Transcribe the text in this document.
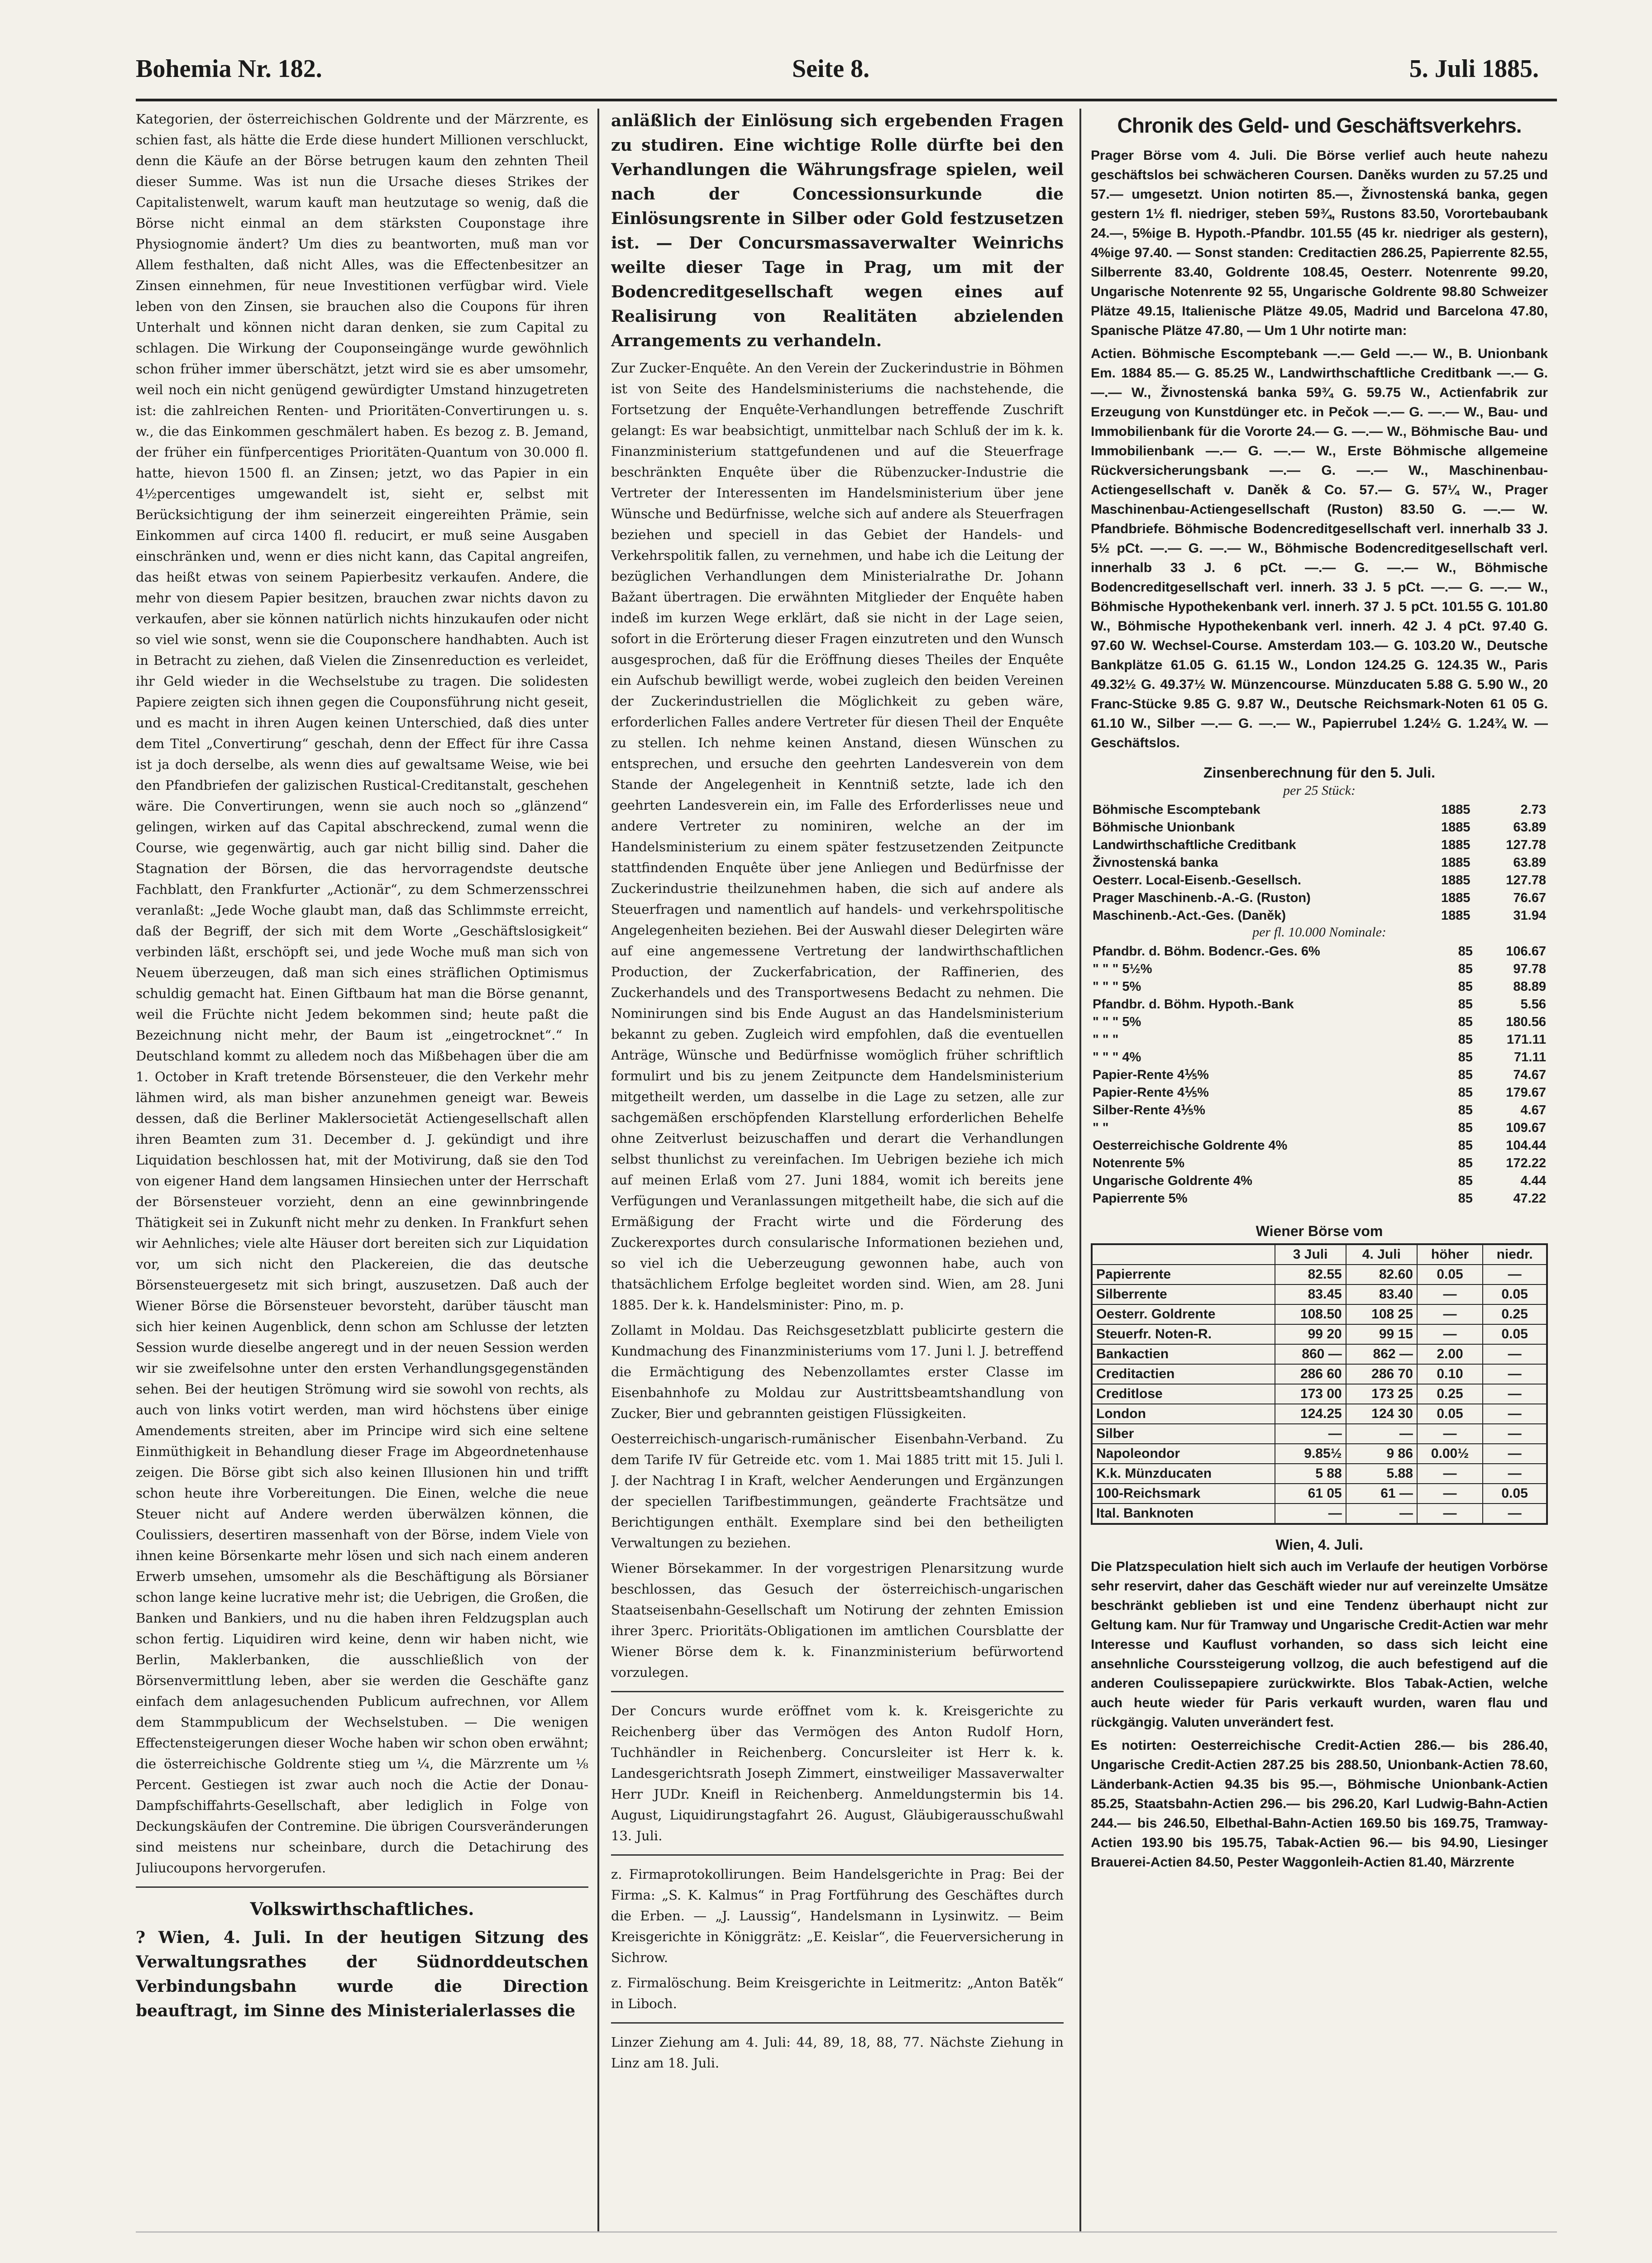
Bohemia Nr. 182.	Seite 8.	5. Juli 1885.

Kategorien, der österreichischen Goldrente und der Märzrente, es schien fast, als hätte die Erde diese hundert Millionen verschluckt, denn die Käufe an der Börse betrugen kaum den zehnten Theil dieser Summe. Was ist nun die Ursache dieses Strikes der Capitalistenwelt, warum kauft man heutzutage so wenig, daß die Börse nicht einmal an dem stärksten Couponstage ihre Physiognomie ändert? Um dies zu beantworten, muß man vor Allem festhalten, daß nicht Alles, was die Effectenbesitzer an Zinsen einnehmen, für neue Investitionen verfügbar wird. Viele leben von den Zinsen, sie brauchen also die Coupons für ihren Unterhalt und können nicht daran denken, sie zum Capital zu schlagen. Die Wirkung der Couponseingänge wurde gewöhnlich schon früher immer überschätzt, jetzt wird sie es aber umsomehr, weil noch ein nicht genügend gewürdigter Umstand hinzugetreten ist: die zahlreichen Renten- und Prioritäten-Convertirungen u. s. w., die das Einkommen geschmälert haben. Es bezog z. B. Jemand, der früher ein fünfpercentiges Prioritäten-Quantum von 30.000 fl. hatte, hievon 1500 fl. an Zinsen; jetzt, wo das Papier in ein 4½percentiges umgewandelt ist, sieht er, selbst mit Berücksichtigung der ihm seinerzeit eingereihten Prämie, sein Einkommen auf circa 1400 fl. reducirt, er muß seine Ausgaben einschränken und, wenn er dies nicht kann, das Capital angreifen, das heißt etwas von seinem Papierbesitz verkaufen. Andere, die mehr von diesem Papier besitzen, brauchen zwar nichts davon zu verkaufen, aber sie können natürlich nichts hinzukaufen oder nicht so viel wie sonst, wenn sie die Couponschere handhabten. Auch ist in Betracht zu ziehen, daß Vielen die Zinsenreduction es verleidet, ihr Geld wieder in die Wechselstube zu tragen. Die solidesten Papiere zeigten sich ihnen gegen die Couponsführung nicht geseit, und es macht in ihren Augen keinen Unterschied, daß dies unter dem Titel „Convertirung“ geschah, denn der Effect für ihre Cassa ist ja doch derselbe, als wenn dies auf gewaltsame Weise, wie bei den Pfandbriefen der galizischen Rustical-Creditanstalt, geschehen wäre. Die Convertirungen, wenn sie auch noch so „glänzend“ gelingen, wirken auf das Capital abschreckend, zumal wenn die Course, wie gegenwärtig, auch gar nicht billig sind. Daher die Stagnation der Börsen, die das hervorragendste deutsche Fachblatt, den Frankfurter „Actionär“, zu dem Schmerzensschrei veranlaßt: „Jede Woche glaubt man, daß das Schlimmste erreicht, daß der Begriff, der sich mit dem Worte „Geschäftslosigkeit“ verbinden läßt, erschöpft sei, und jede Woche muß man sich von Neuem überzeugen, daß man sich eines sträflichen Optimismus schuldig gemacht hat. Einen Giftbaum hat man die Börse genannt, weil die Früchte nicht Jedem bekommen sind; heute paßt die Bezeichnung nicht mehr, der Baum ist „eingetrocknet“.“ In Deutschland kommt zu alledem noch das Mißbehagen über die am 1. October in Kraft tretende Börsensteuer, die den Verkehr mehr lähmen wird, als man bisher anzunehmen geneigt war. Beweis dessen, daß die Berliner Maklersocietät Actiengesellschaft allen ihren Beamten zum 31. December d. J. gekündigt und ihre Liquidation beschlossen hat, mit der Motivirung, daß sie den Tod von eigener Hand dem langsamen Hinsiechen unter der Herrschaft der Börsensteuer vorzieht, denn an eine gewinnbringende Thätigkeit sei in Zukunft nicht mehr zu denken. In Frankfurt sehen wir Aehnliches; viele alte Häuser dort bereiten sich zur Liquidation vor, um sich nicht den Plackereien, die das deutsche Börsensteuergesetz mit sich bringt, auszusetzen. Daß auch der Wiener Börse die Börsensteuer bevorsteht, darüber täuscht man sich hier keinen Augenblick, denn schon am Schlusse der letzten Session wurde dieselbe angeregt und in der neuen Session werden wir sie zweifelsohne unter den ersten Verhandlungsgegenständen sehen. Bei der heutigen Strömung wird sie sowohl von rechts, als auch von links votirt werden, man wird höchstens über einige Amendements streiten, aber im Principe wird sich eine seltene Einmüthigkeit in Behandlung dieser Frage im Abgeordnetenhause zeigen. Die Börse gibt sich also keinen Illusionen hin und trifft schon heute ihre Vorbereitungen. Die Einen, welche die neue Steuer nicht auf Andere werden überwälzen können, die Coulissiers, desertiren massenhaft von der Börse, indem Viele von ihnen keine Börsenkarte mehr lösen und sich nach einem anderen Erwerb umsehen, umsomehr als die Beschäftigung als Börsianer schon lange keine lucrative mehr ist; die Uebrigen, die Großen, die Banken und Bankiers, und nu die haben ihren Feldzugsplan auch schon fertig. Liquidiren wird keine, denn wir haben nicht, wie Berlin, Maklerbanken, die ausschließlich von der Börsenvermittlung leben, aber sie werden die Geschäfte ganz einfach dem anlagesuchenden Publicum aufrechnen, vor Allem dem Stammpublicum der Wechselstuben. — Die wenigen Effectensteigerungen dieser Woche haben wir schon oben erwähnt; die österreichische Goldrente stieg um ¼, die Märzrente um ⅛ Percent. Gestiegen ist zwar auch noch die Actie der Donau-Dampfschiffahrts-Gesellschaft, aber lediglich in Folge von Deckungskäufen der Contremine. Die übrigen Coursveränderungen sind meistens nur scheinbare, durch die Detachirung des Juliucoupons hervorgerufen.

Volkswirthschaftliches.

? Wien, 4. Juli. In der heutigen Sitzung des Verwaltungsrathes der Südnorddeutschen Verbindungsbahn wurde die Direction beauftragt, im Sinne des Ministerialerlasses die

anläßlich der Einlösung sich ergebenden Fragen zu studiren. Eine wichtige Rolle dürfte bei den Verhandlungen die Währungsfrage spielen, weil nach der Concessionsurkunde die Einlösungsrente in Silber oder Gold festzusetzen ist. — Der Concursmassaverwalter Weinrichs weilte dieser Tage in Prag, um mit der Bodencreditgesellschaft wegen eines auf Realisirung von Realitäten abzielenden Arrangements zu verhandeln.

Zur Zucker-Enquête. An den Verein der Zuckerindustrie in Böhmen ist von Seite des Handelsministeriums die nachstehende, die Fortsetzung der Enquête-Verhandlungen betreffende Zuschrift gelangt: Es war beabsichtigt, unmittelbar nach Schluß der im k. k. Finanzministerium stattgefundenen und auf die Steuerfrage beschränkten Enquête über die Rübenzucker-Industrie die Vertreter der Interessenten im Handelsministerium über jene Wünsche und Bedürfnisse, welche sich auf andere als Steuerfragen beziehen und speciell in das Gebiet der Handels- und Verkehrspolitik fallen, zu vernehmen, und habe ich die Leitung der bezüglichen Verhandlungen dem Ministerialrathe Dr. Johann Bažant übertragen. Die erwähnten Mitglieder der Enquête haben indeß im kurzen Wege erklärt, daß sie nicht in der Lage seien, sofort in die Erörterung dieser Fragen einzutreten und den Wunsch ausgesprochen, daß für die Eröffnung dieses Theiles der Enquête ein Aufschub bewilligt werde, wobei zugleich den beiden Vereinen der Zuckerindustriellen die Möglichkeit zu geben wäre, erforderlichen Falles andere Vertreter für diesen Theil der Enquête zu stellen. Ich nehme keinen Anstand, diesen Wünschen zu entsprechen, und ersuche den geehrten Landesverein von dem Stande der Angelegenheit in Kenntniß setzte, lade ich den geehrten Landesverein ein, im Falle des Erforderlisses neue und andere Vertreter zu nominiren, welche an der im Handelsministerium zu einem später festzusetzenden Zeitpuncte stattfindenden Enquête über jene Anliegen und Bedürfnisse der Zuckerindustrie theilzunehmen haben, die sich auf andere als Steuerfragen und namentlich auf handels- und verkehrspolitische Angelegenheiten beziehen. Bei der Auswahl dieser Delegirten wäre auf eine angemessene Vertretung der landwirthschaftlichen Production, der Zuckerfabrication, der Raffinerien, des Zuckerhandels und des Transportwesens Bedacht zu nehmen. Die Nominirungen sind bis Ende August an das Handelsministerium bekannt zu geben. Zugleich wird empfohlen, daß die eventuellen Anträge, Wünsche und Bedürfnisse womöglich früher schriftlich formulirt und bis zu jenem Zeitpuncte dem Handelsministerium mitgetheilt werden, um dasselbe in die Lage zu setzen, alle zur sachgemäßen erschöpfenden Klarstellung erforderlichen Behelfe ohne Zeitverlust beizuschaffen und derart die Verhandlungen selbst thunlichst zu vereinfachen. Im Uebrigen beziehe ich mich auf meinen Erlaß vom 27. Juni 1884, womit ich bereits jene Verfügungen und Veranlassungen mitgetheilt habe, die sich auf die Ermäßigung der Fracht wirte und die Förderung des Zuckerexportes durch consularische Informationen beziehen und, so viel ich die Ueberzeugung gewonnen habe, auch von thatsächlichem Erfolge begleitet worden sind. Wien, am 28. Juni 1885. Der k. k. Handelsminister: Pino, m. p.

Zollamt in Moldau. Das Reichsgesetzblatt publicirte gestern die Kundmachung des Finanzministeriums vom 17. Juni l. J. betreffend die Ermächtigung des Nebenzollamtes erster Classe im Eisenbahnhofe zu Moldau zur Austrittsbeamtshandlung von Zucker, Bier und gebrannten geistigen Flüssigkeiten.

Oesterreichisch-ungarisch-rumänischer Eisenbahn-Verband. Zu dem Tarife IV für Getreide etc. vom 1. Mai 1885 tritt mit 15. Juli l. J. der Nachtrag I in Kraft, welcher Aenderungen und Ergänzungen der speciellen Tarifbestimmungen, geänderte Frachtsätze und Berichtigungen enthält. Exemplare sind bei den betheiligten Verwaltungen zu beziehen.

Wiener Börsekammer. In der vorgestrigen Plenarsitzung wurde beschlossen, das Gesuch der österreichisch-ungarischen Staatseisenbahn-Gesellschaft um Notirung der zehnten Emission ihrer 3perc. Prioritäts-Obligationen im amtlichen Coursblatte der Wiener Börse dem k. k. Finanzministerium befürwortend vorzulegen.

Der Concurs wurde eröffnet vom k. k. Kreisgerichte zu Reichenberg über das Vermögen des Anton Rudolf Horn, Tuchhändler in Reichenberg. Concursleiter ist Herr k. k. Landesgerichtsrath Joseph Zimmert, einstweiliger Massaverwalter Herr JUDr. Kneifl in Reichenberg. Anmeldungstermin bis 14. August, Liquidirungstagfahrt 26. August, Gläubigerausschußwahl 13. Juli.

z. Firmaprotokollirungen. Beim Handelsgerichte in Prag: Bei der Firma: „S. K. Kalmus“ in Prag Fortführung des Geschäftes durch die Erben. — „J. Laussig“, Handelsmann in Lysinwitz. — Beim Kreisgerichte in Königgrätz: „E. Keislar“, die Feuerversicherung in Sichrow.

z. Firmalöschung. Beim Kreisgerichte in Leitmeritz: „Anton Batěk“ in Liboch.

Linzer Ziehung am 4. Juli: 44, 89, 18, 88, 77. Nächste Ziehung in Linz am 18. Juli.

Chronik des Geld- und Geschäftsverkehrs.

Prager Börse vom 4. Juli. Die Börse verlief auch heute nahezu geschäftslos bei schwächeren Coursen. Daněks wurden zu 57.25 und 57.— umgesetzt. Union notirten 85.—, Živnostenská banka, gegen gestern 1½ fl. niedriger, steben 59¾, Rustons 83.50, Vorortebaubank 24.—, 5%ige B. Hypoth.-Pfandbr. 101.55 (45 kr. niedriger als gestern), 4%ige 97.40. — Sonst standen: Creditactien 286.25, Papierrente 82.55, Silberrente 83.40, Goldrente 108.45, Oesterr. Notenrente 99.20, Ungarische Notenrente 92 55, Ungarische Goldrente 98.80 Schweizer Plätze 49.15, Italienische Plätze 49.05, Madrid und Barcelona 47.80, Spanische Plätze 47.80, — Um 1 Uhr notirte man:

Actien. Böhmische Escomptebank —.— Geld —.— W., B. Unionbank Em. 1884 85.— G. 85.25 W., Landwirthschaftliche Creditbank —.— G. —.— W., Živnostenská banka 59¾ G. 59.75 W., Actienfabrik zur Erzeugung von Kunstdünger etc. in Pečok —.— G. —.— W., Bau- und Immobilienbank für die Vororte 24.— G. —.— W., Böhmische Bau- und Immobilienbank —.— G. —.— W., Erste Böhmische allgemeine Rückversicherungsbank —.— G. —.— W., Maschinenbau-Actiengesellschaft v. Daněk & Co. 57.— G. 57¼ W., Prager Maschinenbau-Actiengesellschaft (Ruston) 83.50 G. —.— W. Pfandbriefe. Böhmische Bodencreditgesellschaft verl. innerhalb 33 J. 5½ pCt. —.— G. —.— W., Böhmische Bodencreditgesellschaft verl. innerhalb 33 J. 6 pCt. —.— G. —.— W., Böhmische Bodencreditgesellschaft verl. innerh. 33 J. 5 pCt. —.— G. —.— W., Böhmische Hypothekenbank verl. innerh. 37 J. 5 pCt. 101.55 G. 101.80 W., Böhmische Hypothekenbank verl. innerh. 42 J. 4 pCt. 97.40 G. 97.60 W. Wechsel-Course. Amsterdam 103.— G. 103.20 W., Deutsche Bankplätze 61.05 G. 61.15 W., London 124.25 G. 124.35 W., Paris 49.32½ G. 49.37½ W. Münzencourse. Münzducaten 5.88 G. 5.90 W., 20 Franc-Stücke 9.85 G. 9.87 W., Deutsche Reichsmark-Noten 61 05 G. 61.10 W., Silber —.— G. —.— W., Papierrubel 1.24½ G. 1.24¾ W. — Geschäftslos.

Zinsenberechnung für den 5. Juli.
per 25 Stück:
Böhmische Escomptebank	1885	2.73
Böhmische Unionbank	1885	63.89
Landwirthschaftliche Creditbank	1885	127.78
Živnostenská banka	1885	63.89
Oesterr. Local-Eisenb.-Gesellsch.	1885	127.78
Prager Maschinenb.-A.-G. (Ruston)	1885	76.67
Maschinenb.-Act.-Ges. (Daněk)	1885	31.94
per fl. 10.000 Nominale:
Pfandbr. d. Böhm. Bodencr.-Ges. 6%	85	106.67
" " " 5½%	85	97.78
" " " 5%	85	88.89
Pfandbr. d. Böhm. Hypoth.-Bank	85	5.56
" " " 5%	85	180.56
" " "	85	171.11
" " " 4%	85	71.11
Papier-Rente 4⅕%	85	74.67
Papier-Rente 4⅕%	85	179.67
Silber-Rente 4⅕%	85	4.67
" "	85	109.67
Oesterreichische Goldrente 4%	85	104.44
Notenrente 5%	85	172.22
Ungarische Goldrente 4%	85	4.44
Papierrente 5%	85	47.22
Wiener Börse vom
	3 Juli	4. Juli	höher	niedr.
Papierrente	82.55	82.60	0.05	—
Silberrente	83.45	83.40	—	0.05
Oesterr. Goldrente	108.50	108 25	—	0.25
Steuerfr. Noten-R.	99 20	99 15	—	0.05
Bankactien	860 —	862 —	2.00	—
Creditactien	286 60	286 70	0.10	—
Creditlose	173 00	173 25	0.25	—
London	124.25	124 30	0.05	—
Silber	—	—	—	—
Napoleondor	9.85½	9 86	0.00½	—
K.k. Münzducaten	5 88	5.88	—	—
100-Reichsmark	61 05	61 —	—	0.05
Ital. Banknoten	—	—	—	—
Wien, 4. Juli.

Die Platzspeculation hielt sich auch im Verlaufe der heutigen Vorbörse sehr reservirt, daher das Geschäft wieder nur auf vereinzelte Umsätze beschränkt geblieben ist und eine Tendenz überhaupt nicht zur Geltung kam. Nur für Tramway und Ungarische Credit-Actien war mehr Interesse und Kauflust vorhanden, so dass sich leicht eine ansehnliche Courssteigerung vollzog, die auch befestigend auf die anderen Coulissepapiere zurückwirkte. Blos Tabak-Actien, welche auch heute wieder für Paris verkauft wurden, waren flau und rückgängig. Valuten unverändert fest.

Es notirten: Oesterreichische Credit-Actien 286.— bis 286.40, Ungarische Credit-Actien 287.25 bis 288.50, Unionbank-Actien 78.60, Länderbank-Actien 94.35 bis 95.—, Böhmische Unionbank-Actien 85.25, Staatsbahn-Actien 296.— bis 296.20, Karl Ludwig-Bahn-Actien 244.— bis 246.50, Elbethal-Bahn-Actien 169.50 bis 169.75, Tramway-Actien 193.90 bis 195.75, Tabak-Actien 96.— bis 94.90, Liesinger Brauerei-Actien 84.50, Pester Waggonleih-Actien 81.40, Märzrente
